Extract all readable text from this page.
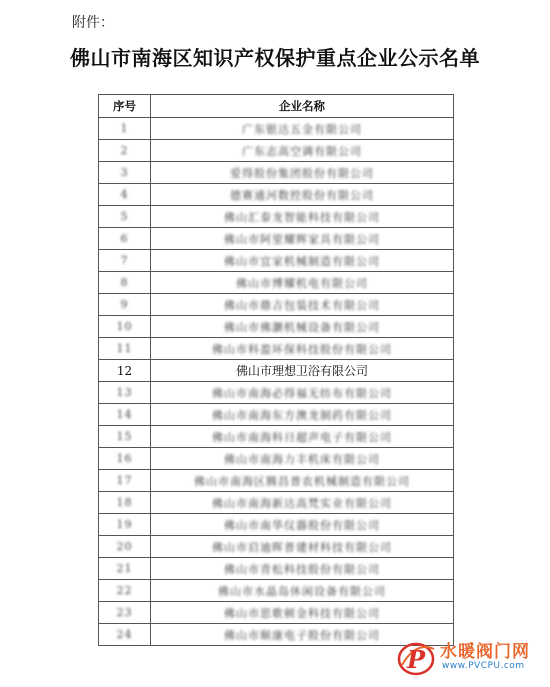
附件：
佛山市南海区知识产权保护重点企业公示名单
序号	企业名称
1	广东银达五金有限公司
2	广东志高空调有限公司
3	爱得股份集团股份有限公司
4	德赛通河数控股份有限公司
5	佛山汇泰龙智能科技有限公司
6	佛山市阿里耀辉家具有限公司
7	佛山市宜家机械制造有限公司
8	佛山市博耀机电有限公司
9	佛山市鼎吉包装技术有限公司
10	佛山市佛灏机械设备有限公司
11	佛山市科盈环保科技股份有限公司
12	佛山市理想卫浴有限公司
13	佛山市南海必得福无纺布有限公司
14	佛山市南海东方澳龙制药有限公司
15	佛山市南海科日超声电子有限公司
16	佛山市南海力丰机床有限公司
17	佛山市南海区腾昌普农机械制造有限公司
18	佛山市南海新达高梵实业有限公司
19	佛山市南华仪器股份有限公司
20	佛山市启迪晖普建材科技有限公司
21	佛山市青松科技股份有限公司
22	佛山市水晶岛休闲设备有限公司
23	佛山市思歌顿金科技有限公司
24	佛山市顺康电子股份有限公司
P 水暖阀门网
www.PVCPU.com
